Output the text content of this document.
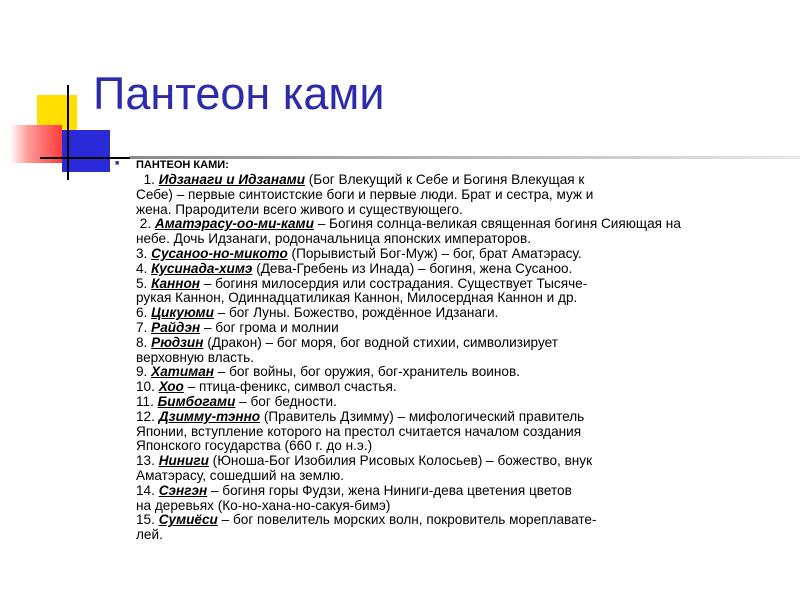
Пантеон ками
■ ПАНТЕОН КАМИ:
1. Идзанаги и Идзанами (Бог Влекущий к Себе и Богиня Влекущая к
Себе) – первые синтоистские боги и первые люди. Брат и сестра, муж и
жена. Прародители всего живого и существующего.
2. Аматэрасу-оо-ми-ками – Богиня солнца-великая священная богиня Сияющая на
небе. Дочь Идзанаги, родоначальница японских императоров.
3. Сусаноо-но-микото (Порывистый Бог-Муж) – бог, брат Аматэрасу.
4. Кусинада-химэ (Дева-Гребень из Инада) – богиня, жена Сусаноо.
5. Каннон – богиня милосердия или сострадания. Существует Тысяче-
рукая Каннон, Одиннадцатиликая Каннон, Милосердная Каннон и др.
6. Цикуюми – бог Луны. Божество, рождённое Идзанаги.
7. Райдэн – бог грома и молнии
8. Рюдзин (Дракон) – бог моря, бог водной стихии, символизирует
верховную власть.
9. Хатиман – бог войны, бог оружия, бог-хранитель воинов.
10. Хоо – птица-феникс, символ счастья.
11. Бимбогами – бог бедности.
12. Дзимму-тэнно (Правитель Дзимму) – мифологический правитель
Японии, вступление которого на престол считается началом создания
Японского государства (660 г. до н.э.)
13. Ниниги (Юноша-Бог Изобилия Рисовых Колосьев) – божество, внук
Аматэрасу, сошедший на землю.
14. Сэнгэн – богиня горы Фудзи, жена Ниниги-дева цветения цветов
на деревьях (Ко-но-хана-но-сакуя-бимэ)
15. Сумиёси – бог повелитель морских волн, покровитель мореплавате-
лей.
